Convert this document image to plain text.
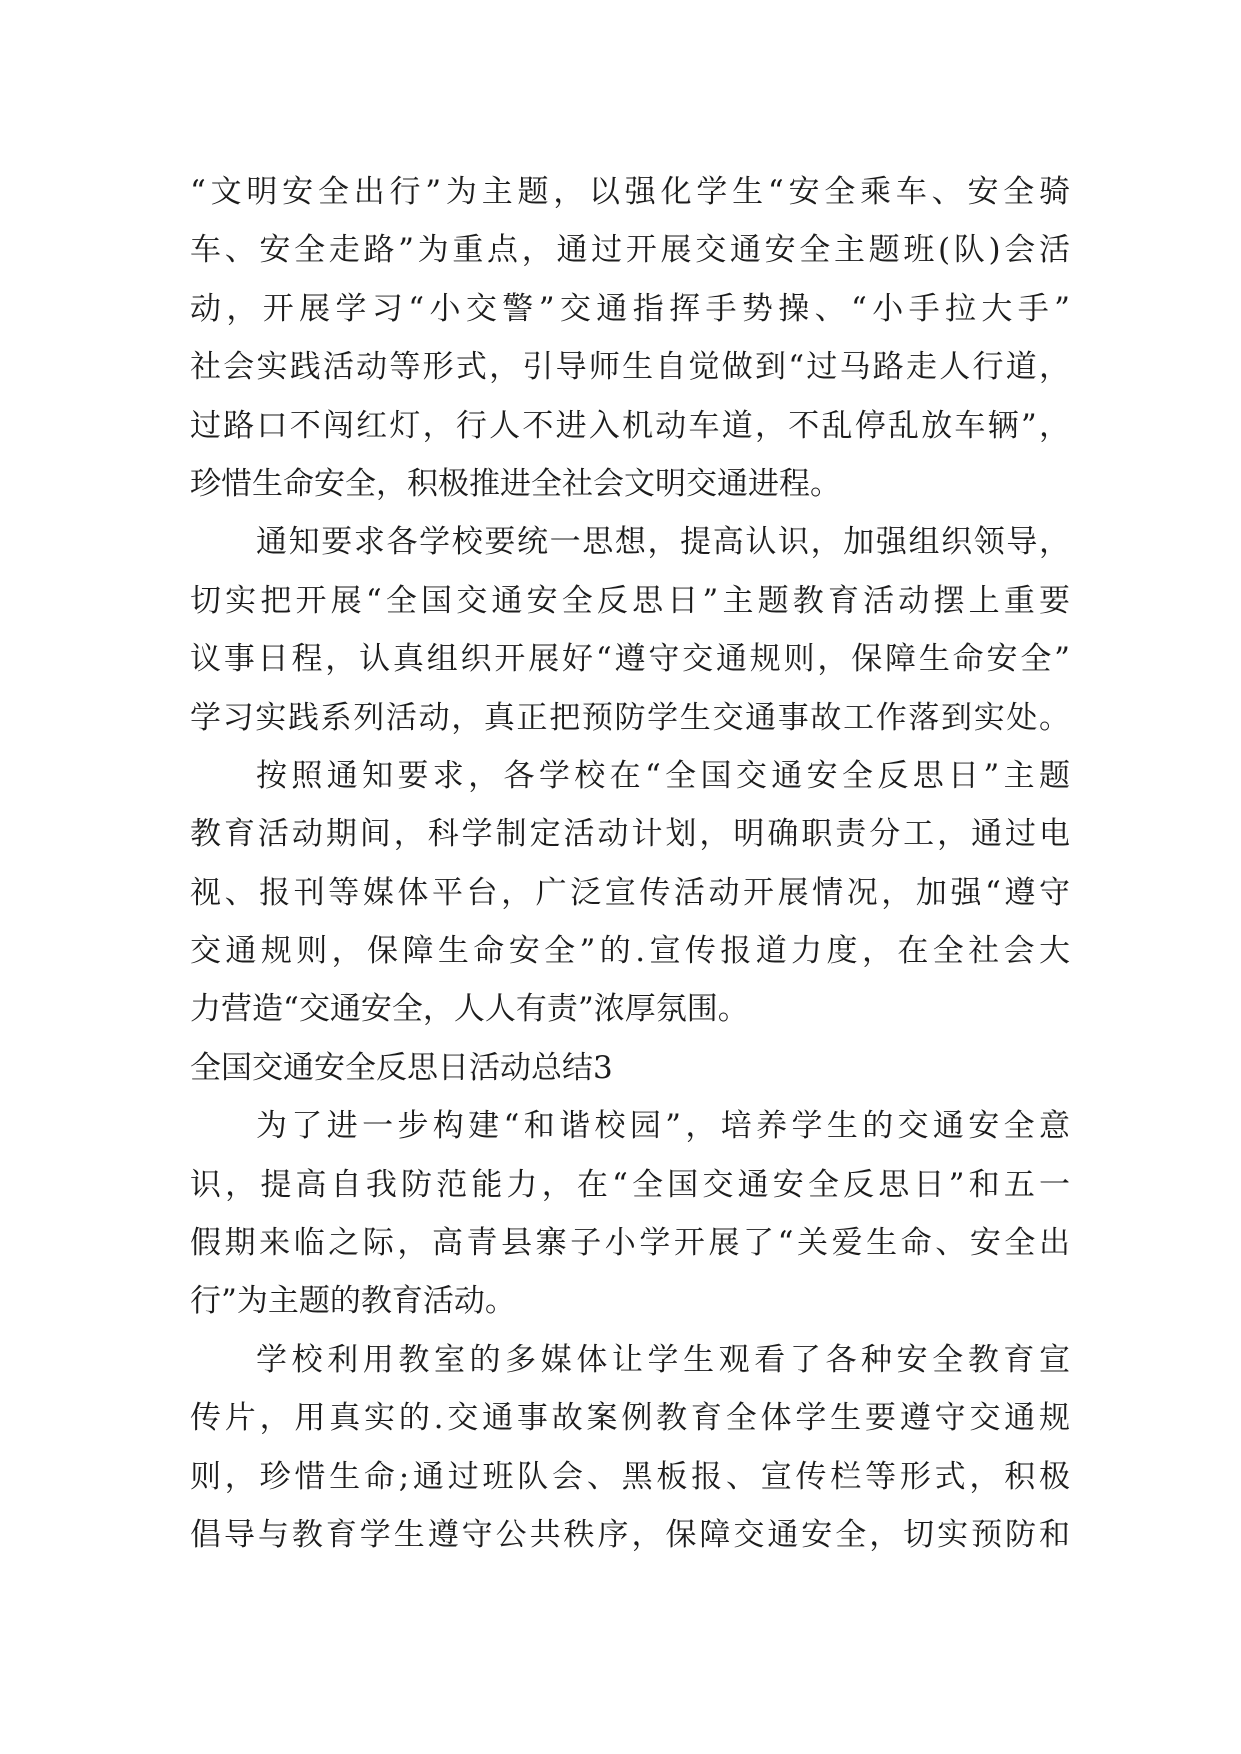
“文明安全出行”为主题，以强化学生“安全乘车、安全骑
车、安全走路”为重点，通过开展交通安全主题班(队)会活
动，开展学习“小交警”交通指挥手势操、“小手拉大手”
社会实践活动等形式，引导师生自觉做到“过马路走人行道，
过路口不闯红灯，行人不进入机动车道，不乱停乱放车辆”，
珍惜生命安全，积极推进全社会文明交通进程。
通知要求各学校要统一思想，提高认识，加强组织领导，
切实把开展“全国交通安全反思日”主题教育活动摆上重要
议事日程，认真组织开展好“遵守交通规则，保障生命安全”
学习实践系列活动，真正把预防学生交通事故工作落到实处。
按照通知要求，各学校在“全国交通安全反思日”主题
教育活动期间，科学制定活动计划，明确职责分工，通过电
视、报刊等媒体平台，广泛宣传活动开展情况，加强“遵守
交通规则，保障生命安全”的.宣传报道力度，在全社会大
力营造“交通安全，人人有责”浓厚氛围。
全国交通安全反思日活动总结3
为了进一步构建“和谐校园”，培养学生的交通安全意
识，提高自我防范能力，在“全国交通安全反思日”和五一
假期来临之际，高青县寨子小学开展了“关爱生命、安全出
行”为主题的教育活动。
学校利用教室的多媒体让学生观看了各种安全教育宣
传片，用真实的.交通事故案例教育全体学生要遵守交通规
则，珍惜生命;通过班队会、黑板报、宣传栏等形式，积极
倡导与教育学生遵守公共秩序，保障交通安全，切实预防和
